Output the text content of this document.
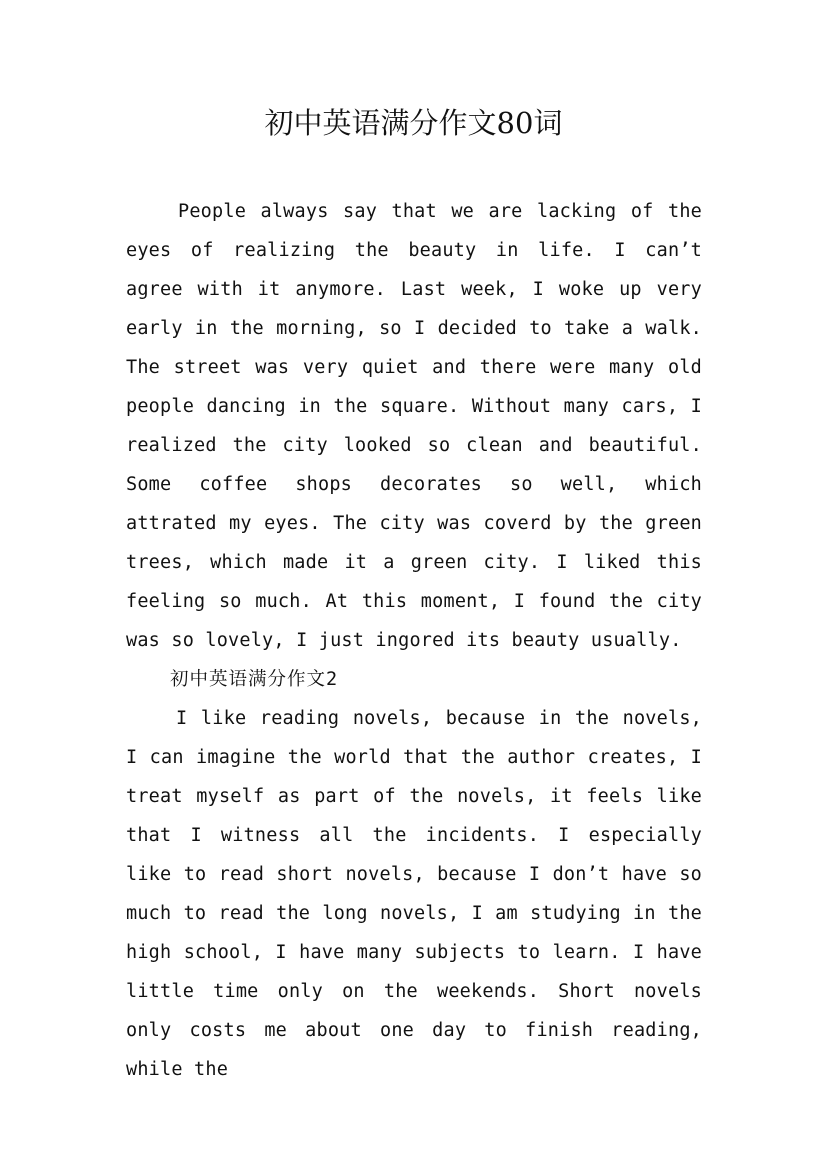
初中英语满分作文80词

People always say that we are lacking of the eyes of realizing the beauty in life. I can’t agree with it anymore. Last week, I woke up very early in the morning, so I decided to take a walk. The street was very quiet and there were many old people dancing in the square. Without many cars, I realized the city looked so clean and beautiful. Some coffee shops decorates so well, which attrated my eyes. The city was coverd by the green trees, which made it a green city. I liked this feeling so much. At this moment, I found the city was so lovely, I just ingored its beauty usually.

初中英语满分作文2

I like reading novels, because in the novels, I can imagine the world that the author creates, I treat myself as part of the novels, it feels like that I witness all the incidents. I especially like to read short novels, because I don’t have so much to read the long novels, I am studying in the high school, I have many subjects to learn. I have little time only on the weekends. Short novels only costs me about one day to finish reading, while the
